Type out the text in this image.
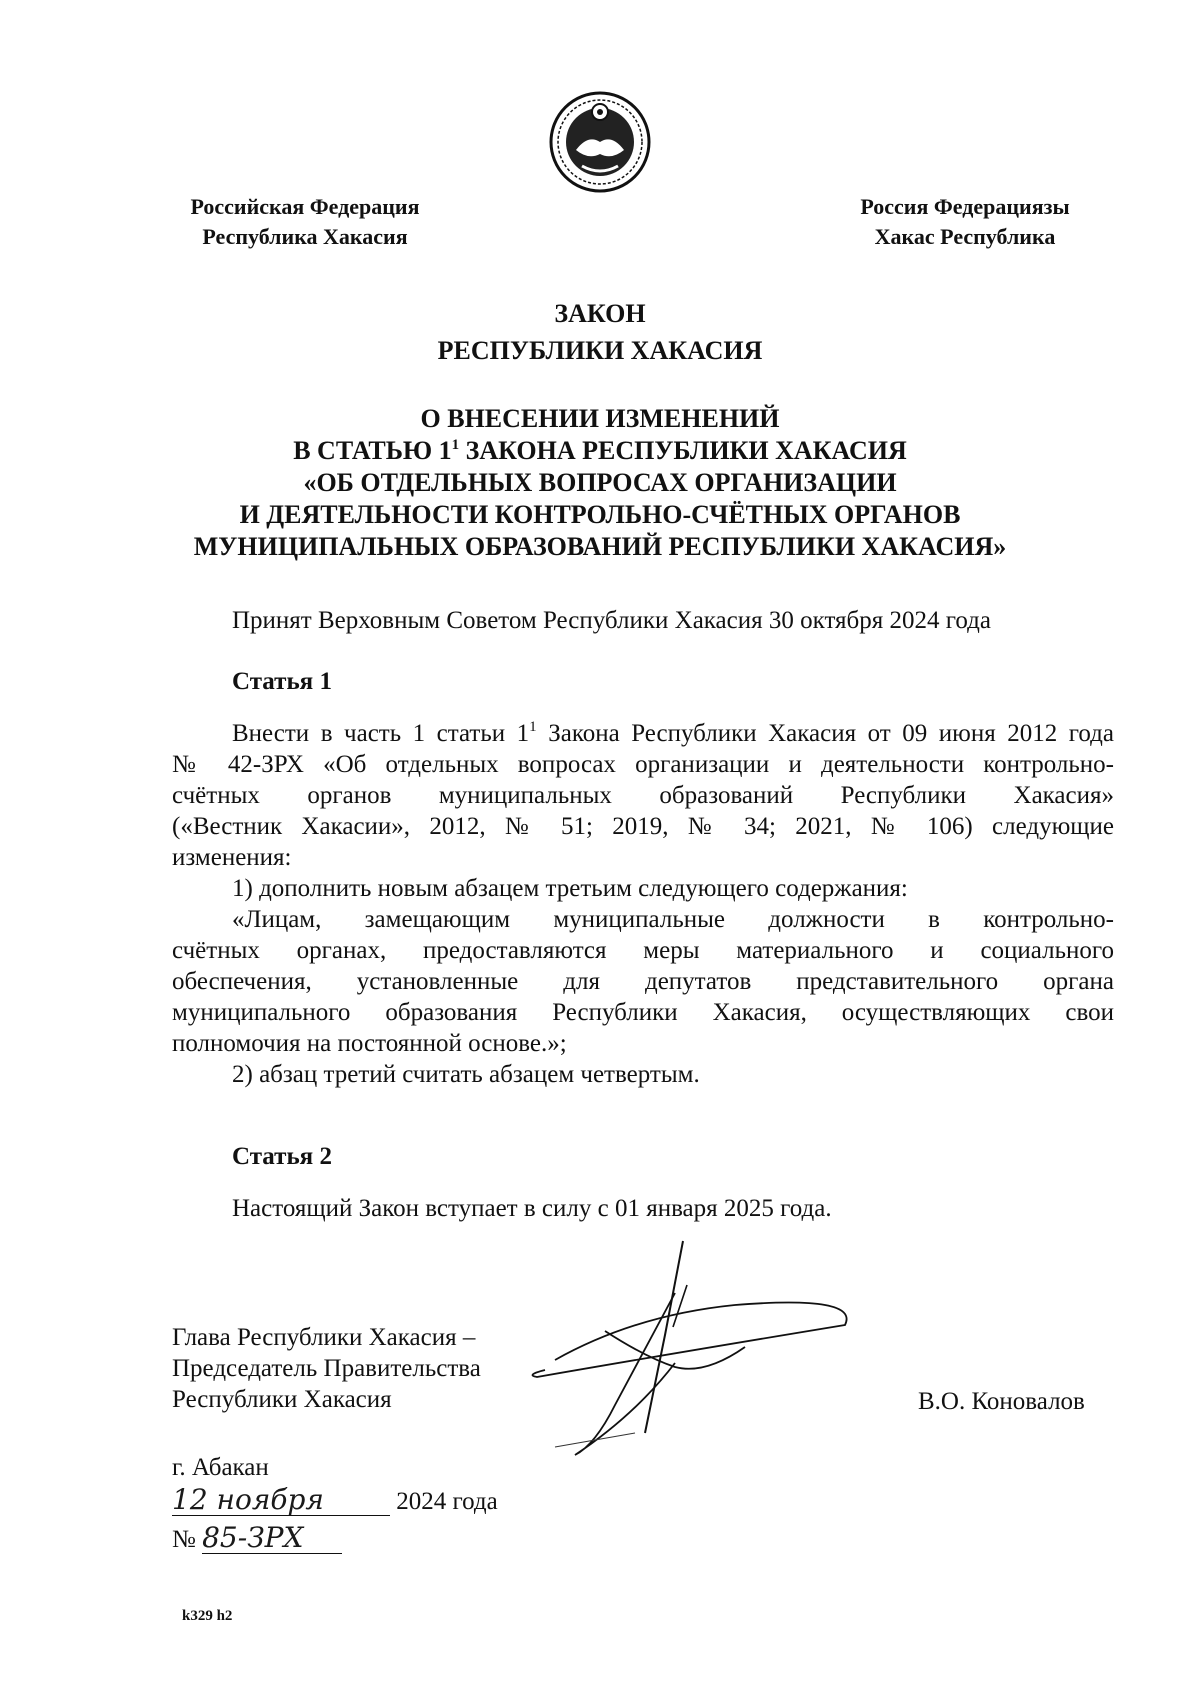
Российская Федерация
Республика Хакасия
Россия Федерациязы
Хакас Республика
ЗАКОН
РЕСПУБЛИКИ ХАКАСИЯ
О ВНЕСЕНИИ ИЗМЕНЕНИЙ
В СТАТЬЮ $1^1$ ЗАКОНА РЕСПУБЛИКИ ХАКАСИЯ
«ОБ ОТДЕЛЬНЫХ ВОПРОСАХ ОРГАНИЗАЦИИ
И ДЕЯТЕЛЬНОСТИ КОНТРОЛЬНО-СЧЁТНЫХ ОРГАНОВ
МУНИЦИПАЛЬНЫХ ОБРАЗОВАНИЙ РЕСПУБЛИКИ ХАКАСИЯ»
Принят Верховным Советом Республики Хакасия 30 октября 2024 года
Статья 1
Внести в часть 1 статьи $1^1$ Закона Республики Хакасия от 09 июня 2012 года
№ 42-ЗРХ «Об отдельных вопросах организации и деятельности контрольно-
счётных органов муниципальных образований Республики Хакасия»
(«Вестник Хакасии», 2012, № 51; 2019, № 34; 2021, № 106) следующие
изменения:
1) дополнить новым абзацем третьим следующего содержания:
«Лицам, замещающим муниципальные должности в контрольно-
счётных органах, предоставляются меры материального и социального
обеспечения, установленные для депутатов представительного органа
муниципального образования Республики Хакасия, осуществляющих свои
полномочия на постоянной основе.»;
2) абзац третий считать абзацем четвертым.
Статья 2
Настоящий Закон вступает в силу с 01 января 2025 года.
Глава Республики Хакасия –
Председатель Правительства
Республики Хакасия	В.О. Коновалов
г. Абакан
12 ноября	2024 года
№ 85-ЗРХ
k329 h2
